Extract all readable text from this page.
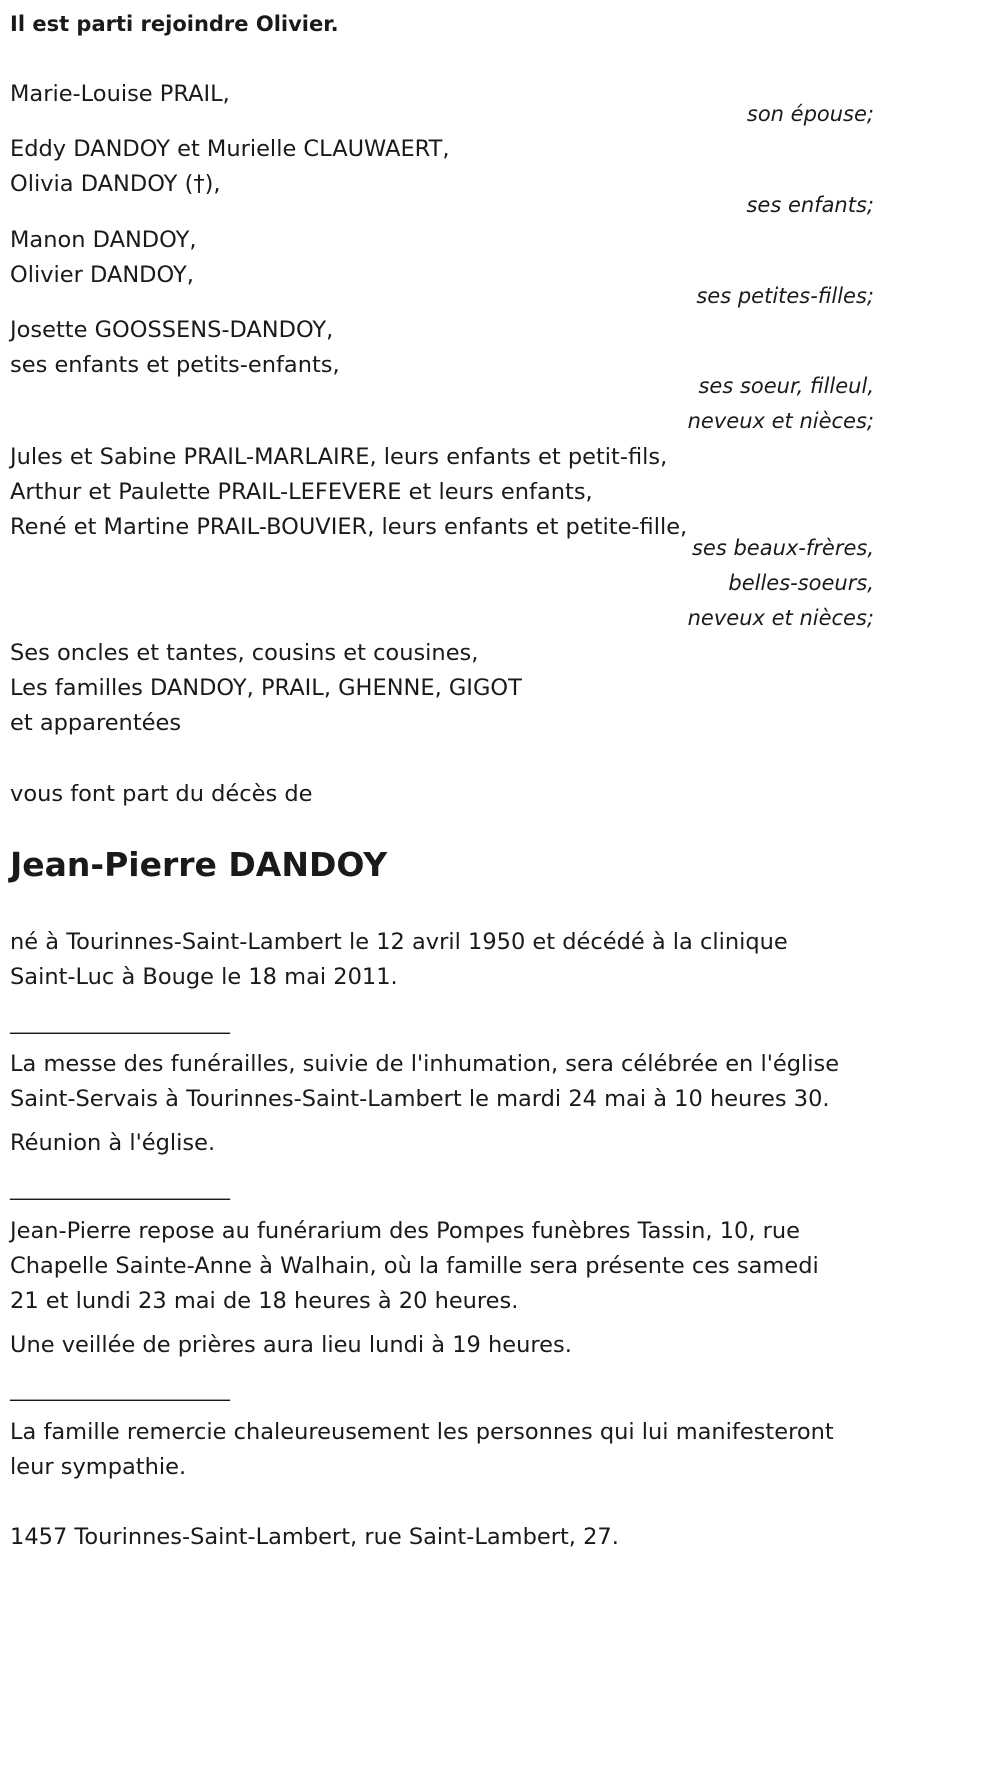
Il est parti rejoindre Olivier.
Marie-Louise PRAIL,
son épouse;
Eddy DANDOY et Murielle CLAUWAERT,
Olivia DANDOY (†),
ses enfants;
Manon DANDOY,
Olivier DANDOY,
ses petites-filles;
Josette GOOSSENS-DANDOY,
ses enfants et petits-enfants,
ses soeur, filleul,
neveux et nièces;
Jules et Sabine PRAIL-MARLAIRE, leurs enfants et petit-fils,
Arthur et Paulette PRAIL-LEFEVERE et leurs enfants,
René et Martine PRAIL-BOUVIER, leurs enfants et petite-fille,
ses beaux-frères,
belles-soeurs,
neveux et nièces;
Ses oncles et tantes, cousins et cousines,
Les familles DANDOY, PRAIL, GHENNE, GIGOT
et apparentées
vous font part du décès de
Jean-Pierre DANDOY
né à Tourinnes-Saint-Lambert le 12 avril 1950 et décédé à la clinique
Saint-Luc à Bouge le 18 mai 2011.
______________________
La messe des funérailles, suivie de l'inhumation, sera célébrée en l'église
Saint-Servais à Tourinnes-Saint-Lambert le mardi 24 mai à 10 heures 30.
Réunion à l'église.
______________________
Jean-Pierre repose au funérarium des Pompes funèbres Tassin, 10, rue
Chapelle Sainte-Anne à Walhain, où la famille sera présente ces samedi
21 et lundi 23 mai de 18 heures à 20 heures.
Une veillée de prières aura lieu lundi à 19 heures.
______________________
La famille remercie chaleureusement les personnes qui lui manifesteront
leur sympathie.
1457 Tourinnes-Saint-Lambert, rue Saint-Lambert, 27.
